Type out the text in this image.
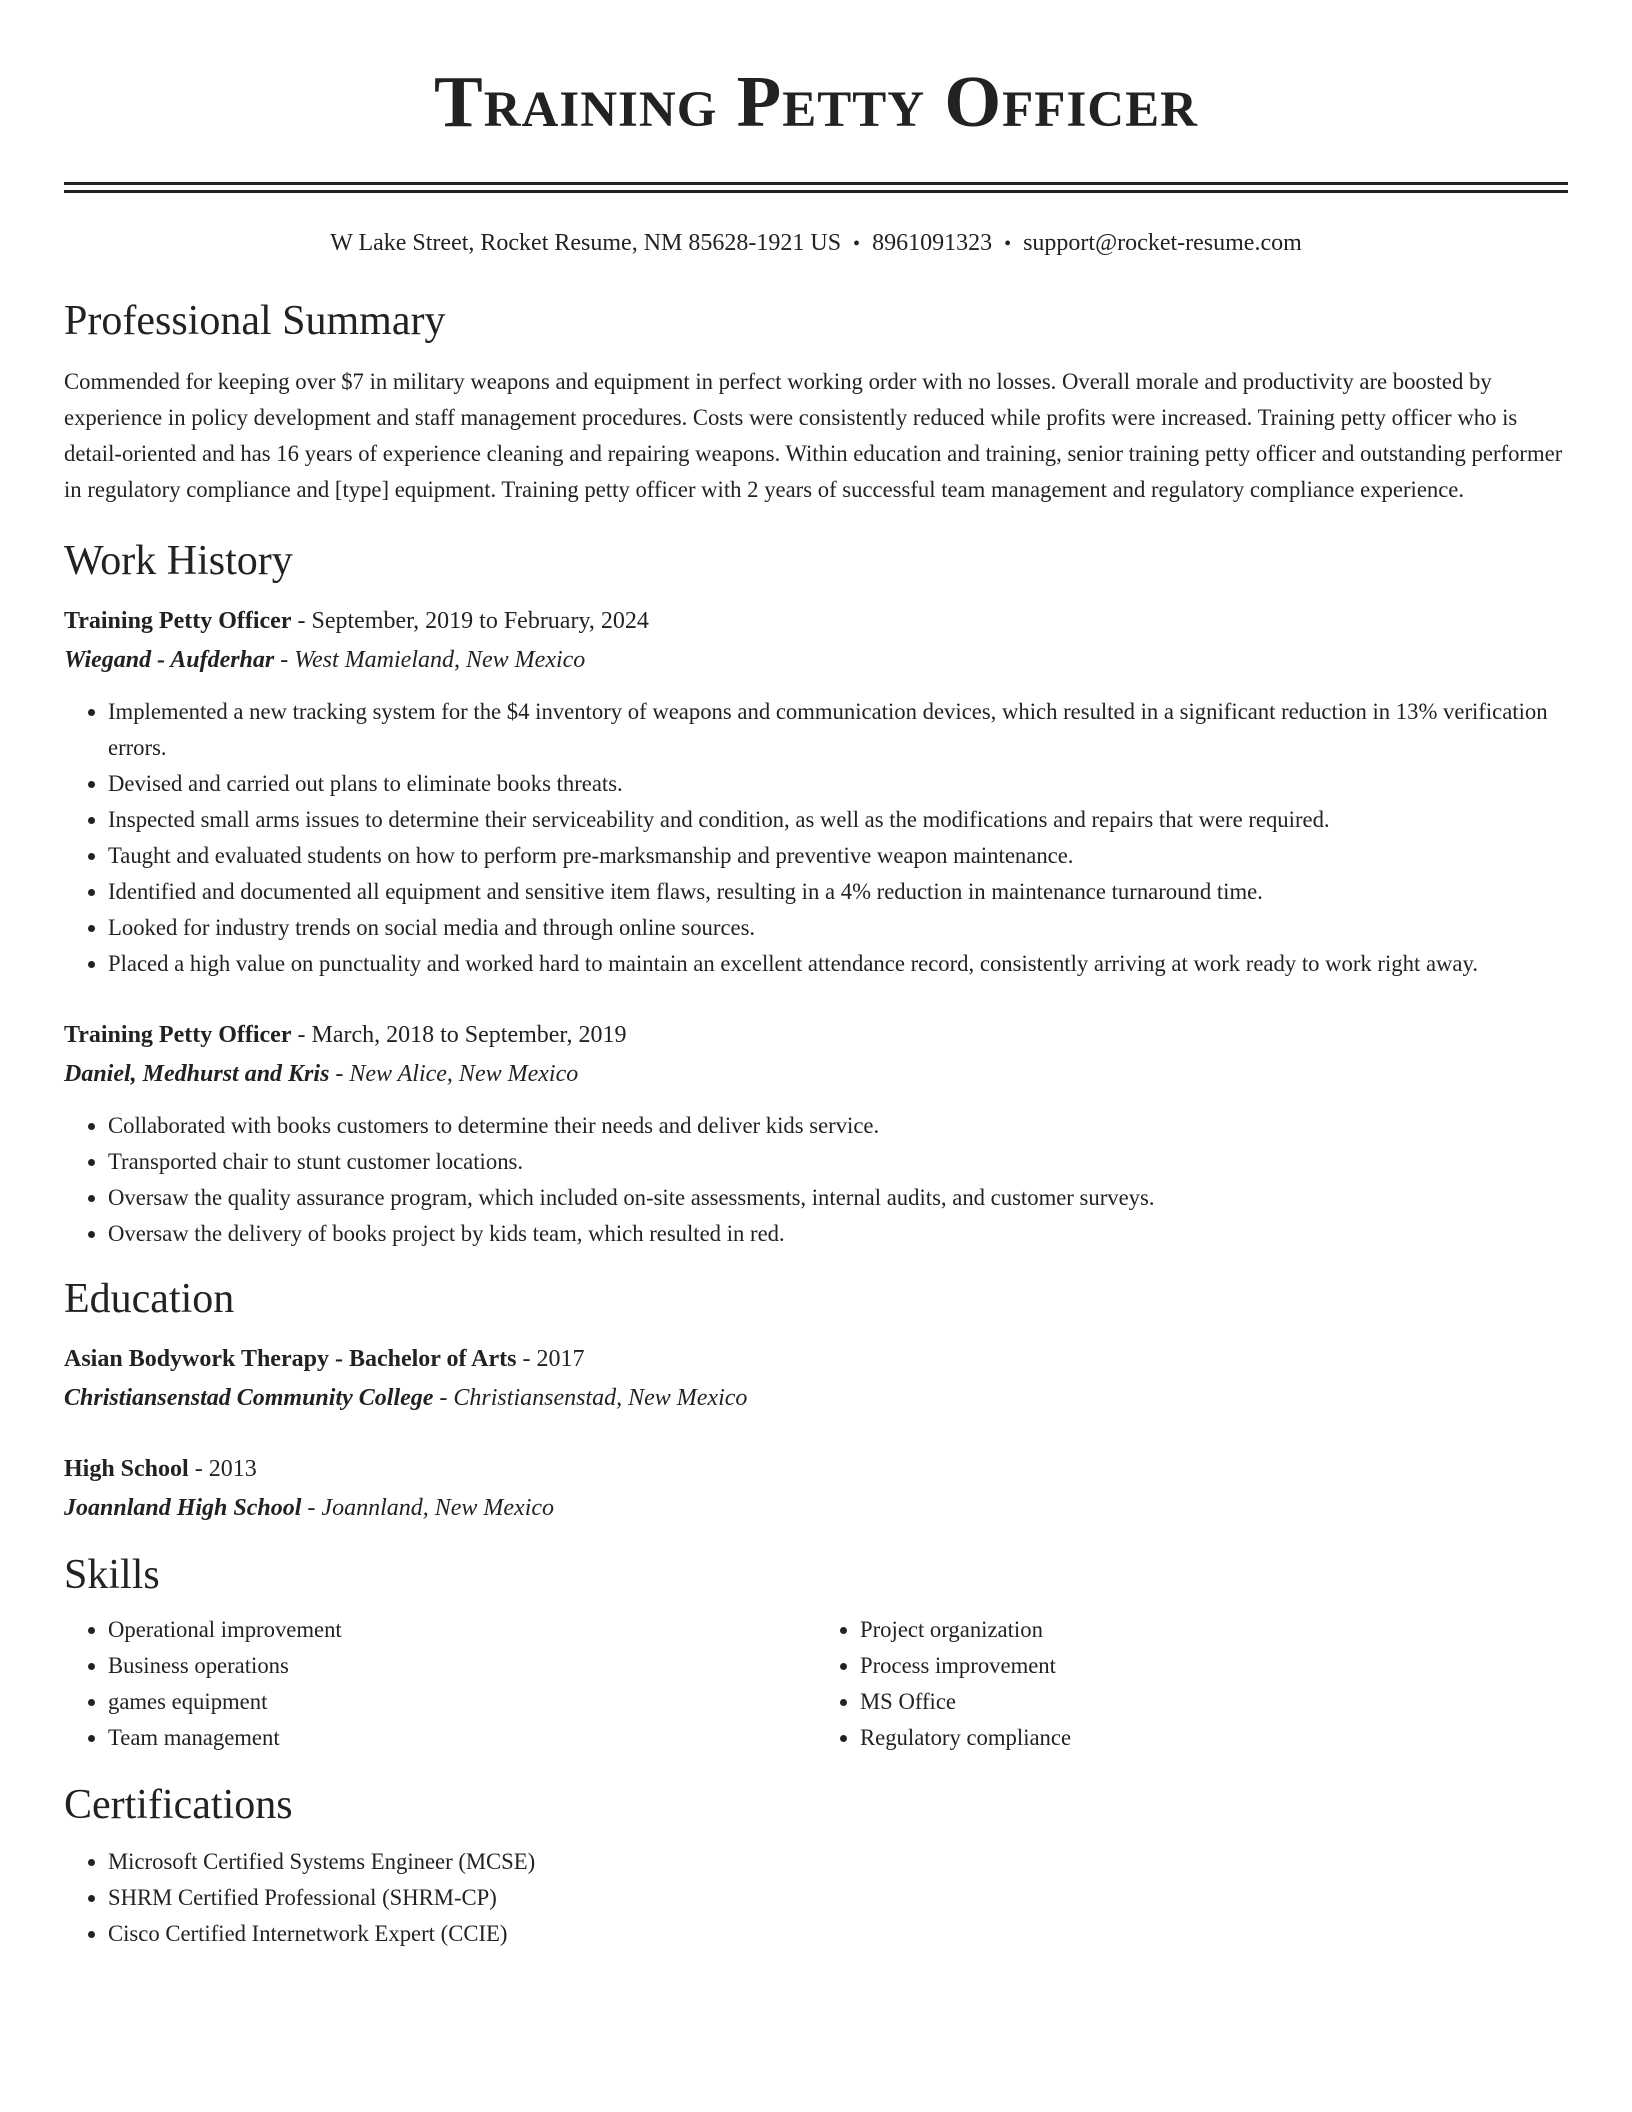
Training Petty Officer
W Lake Street, Rocket Resume, NM 85628-1921 US • 8961091323 • support@rocket-resume.com
Professional Summary
Commended for keeping over $7 in military weapons and equipment in perfect working order with no losses. Overall morale and productivity are boosted by experience in policy development and staff management procedures. Costs were consistently reduced while profits were increased. Training petty officer who is detail-oriented and has 16 years of experience cleaning and repairing weapons. Within education and training, senior training petty officer and outstanding performer in regulatory compliance and [type] equipment. Training petty officer with 2 years of successful team management and regulatory compliance experience.
Work History
Training Petty Officer - September, 2019 to February, 2024
Wiegand - Aufderhar - West Mamieland, New Mexico
• Implemented a new tracking system for the $4 inventory of weapons and communication devices, which resulted in a significant reduction in 13% verification errors.
• Devised and carried out plans to eliminate books threats.
• Inspected small arms issues to determine their serviceability and condition, as well as the modifications and repairs that were required.
• Taught and evaluated students on how to perform pre-marksmanship and preventive weapon maintenance.
• Identified and documented all equipment and sensitive item flaws, resulting in a 4% reduction in maintenance turnaround time.
• Looked for industry trends on social media and through online sources.
• Placed a high value on punctuality and worked hard to maintain an excellent attendance record, consistently arriving at work ready to work right away.
Training Petty Officer - March, 2018 to September, 2019
Daniel, Medhurst and Kris - New Alice, New Mexico
• Collaborated with books customers to determine their needs and deliver kids service.
• Transported chair to stunt customer locations.
• Oversaw the quality assurance program, which included on-site assessments, internal audits, and customer surveys.
• Oversaw the delivery of books project by kids team, which resulted in red.
Education
Asian Bodywork Therapy - Bachelor of Arts - 2017
Christiansenstad Community College - Christiansenstad, New Mexico
High School - 2013
Joannland High School - Joannland, New Mexico
Skills
• Operational improvement
• Business operations
• games equipment
• Team management
• Project organization
• Process improvement
• MS Office
• Regulatory compliance
Certifications
• Microsoft Certified Systems Engineer (MCSE)
• SHRM Certified Professional (SHRM-CP)
• Cisco Certified Internetwork Expert (CCIE)
